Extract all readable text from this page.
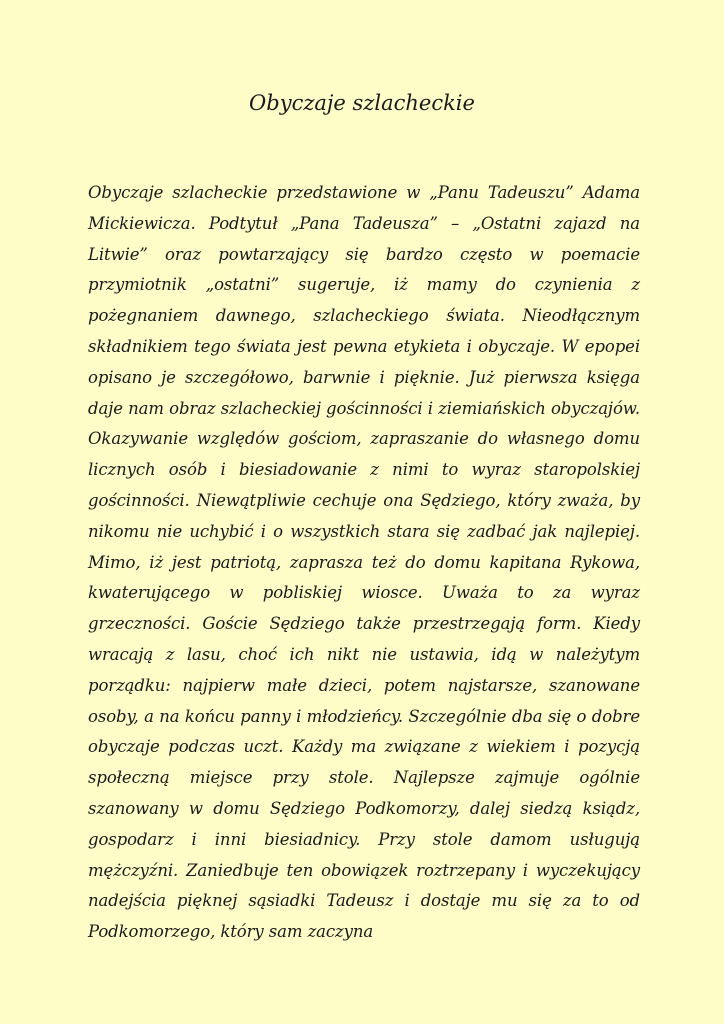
Obyczaje szlacheckie

Obyczaje szlacheckie przedstawione w „Panu Tadeuszu” Adama Mickiewicza. Podtytuł „Pana Tadeusza” – „Ostatni zajazd na Litwie” oraz powtarzający się bardzo często w poemacie przymiotnik „ostatni” sugeruje, iż mamy do czynienia z pożegnaniem dawnego, szlacheckiego świata. Nieodłącznym składnikiem tego świata jest pewna etykieta i obyczaje. W epopei opisano je szczegółowo, barwnie i pięknie. Już pierwsza księga daje nam obraz szlacheckiej gościnności i ziemiańskich obyczajów. Okazywanie względów gościom, zapraszanie do własnego domu licznych osób i biesiadowanie z nimi to wyraz staropolskiej gościnności. Niewątpliwie cechuje ona Sędziego, który zważa, by nikomu nie uchybić i o wszystkich stara się zadbać jak najlepiej. Mimo, iż jest patriotą, zaprasza też do domu kapitana Rykowa, kwaterującego w pobliskiej wiosce. Uważa to za wyraz grzeczności. Goście Sędziego także przestrzegają form. Kiedy wracają z lasu, choć ich nikt nie ustawia, idą w należytym porządku: najpierw małe dzieci, potem najstarsze, szanowane osoby, a na końcu panny i młodzieńcy. Szczególnie dba się o dobre obyczaje podczas uczt. Każdy ma związane z wiekiem i pozycją społeczną miejsce przy stole. Najlepsze zajmuje ogólnie szanowany w domu Sędziego Podkomorzy, dalej siedzą ksiądz, gospodarz i inni biesiadnicy. Przy stole damom usługują mężczyźni. Zaniedbuje ten obowiązek roztrzepany i wyczekujący nadejścia pięknej sąsiadki Tadeusz i dostaje mu się za to od Podkomorzego, który sam zaczyna
